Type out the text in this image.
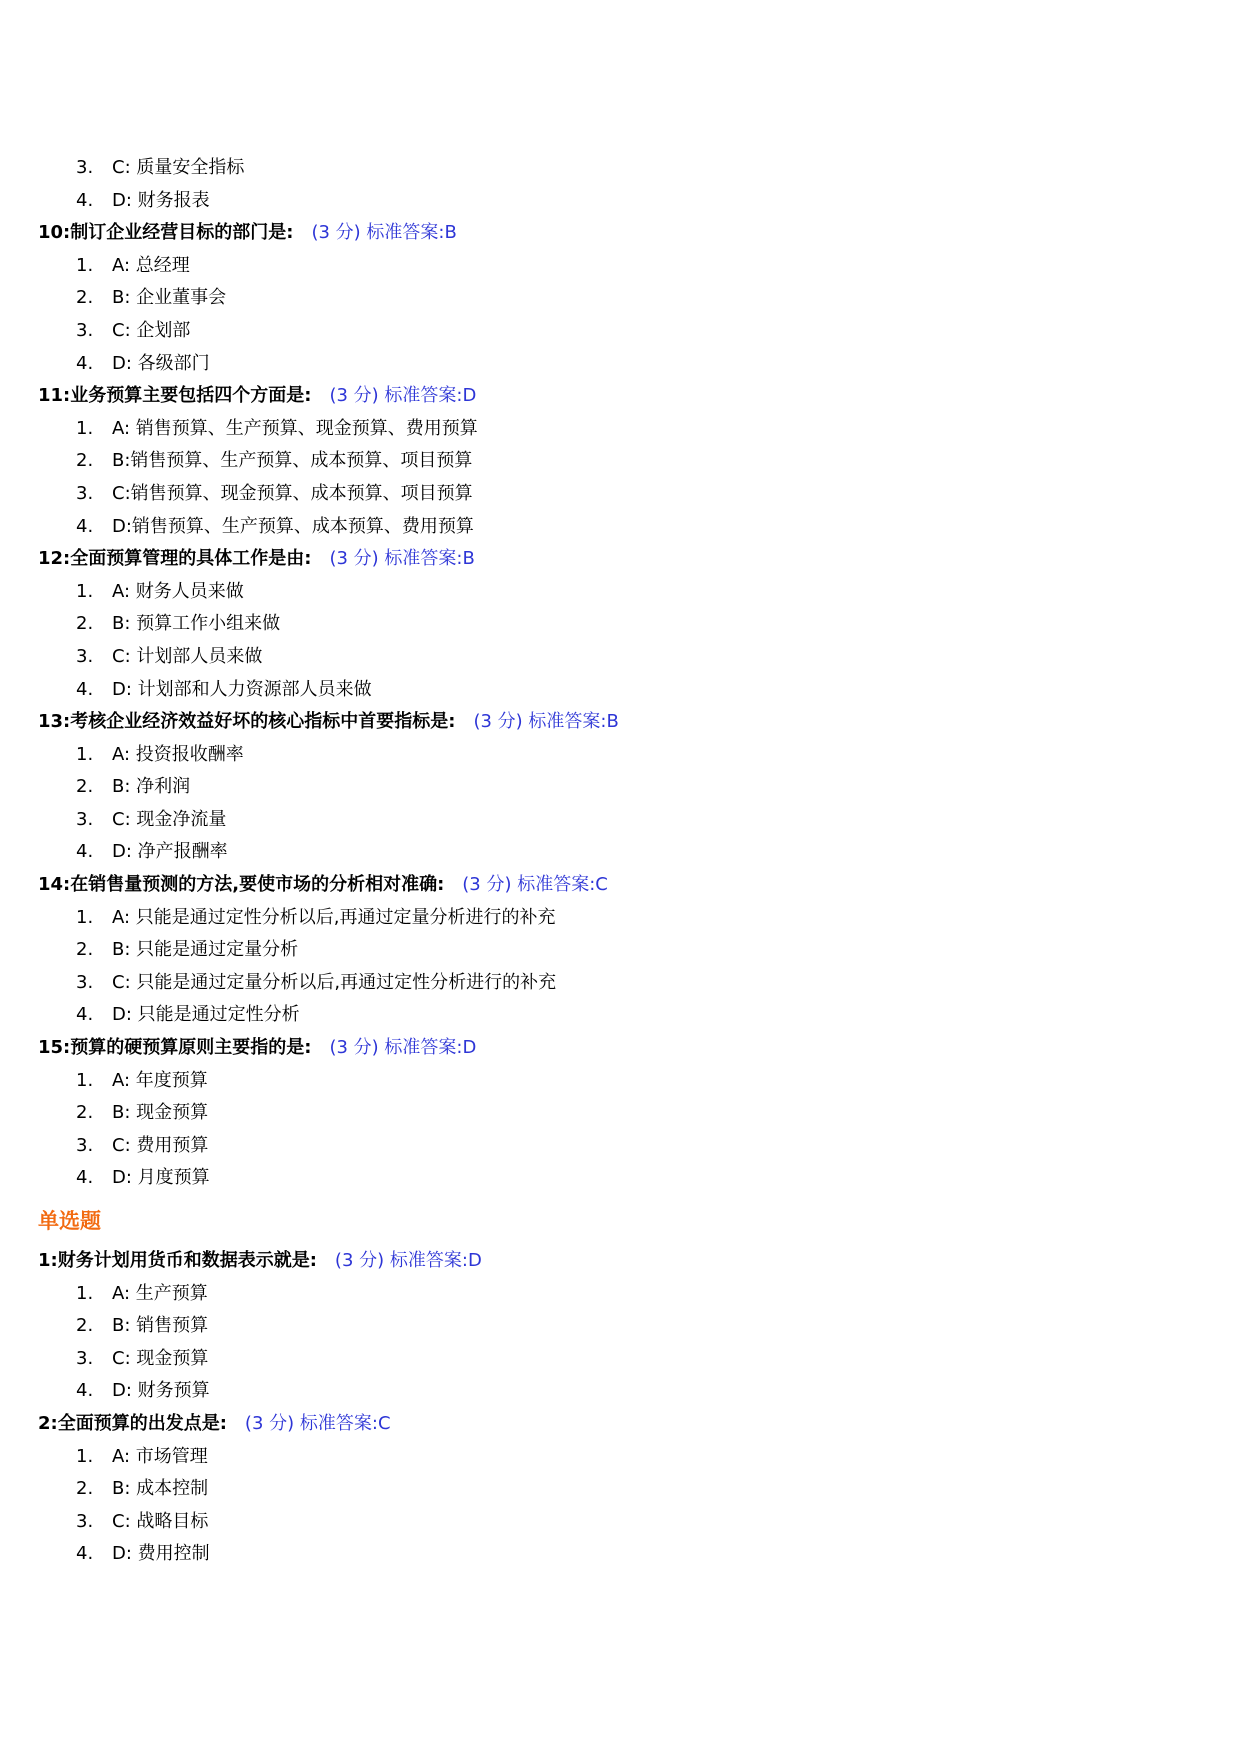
3. C: 质量安全指标
4. D: 财务报表
10:制订企业经营目标的部门是: (3 分) 标准答案:B
1. A: 总经理
2. B: 企业董事会
3. C: 企划部
4. D: 各级部门
11:业务预算主要包括四个方面是: (3 分) 标准答案:D
1. A: 销售预算、生产预算、现金预算、费用预算
2. B:销售预算、生产预算、成本预算、项目预算
3. C:销售预算、现金预算、成本预算、项目预算
4. D:销售预算、生产预算、成本预算、费用预算
12:全面预算管理的具体工作是由: (3 分) 标准答案:B
1. A: 财务人员来做
2. B: 预算工作小组来做
3. C: 计划部人员来做
4. D: 计划部和人力资源部人员来做
13:考核企业经济效益好坏的核心指标中首要指标是: (3 分) 标准答案:B
1. A: 投资报收酬率
2. B: 净利润
3. C: 现金净流量
4. D: 净产报酬率
14:在销售量预测的方法,要使市场的分析相对准确: (3 分) 标准答案:C
1. A: 只能是通过定性分析以后,再通过定量分析进行的补充
2. B: 只能是通过定量分析
3. C: 只能是通过定量分析以后,再通过定性分析进行的补充
4. D: 只能是通过定性分析
15:预算的硬预算原则主要指的是: (3 分) 标准答案:D
1. A: 年度预算
2. B: 现金预算
3. C: 费用预算
4. D: 月度预算
单选题
1:财务计划用货币和数据表示就是: (3 分) 标准答案:D
1. A: 生产预算
2. B: 销售预算
3. C: 现金预算
4. D: 财务预算
2:全面预算的出发点是: (3 分) 标准答案:C
1. A: 市场管理
2. B: 成本控制
3. C: 战略目标
4. D: 费用控制
